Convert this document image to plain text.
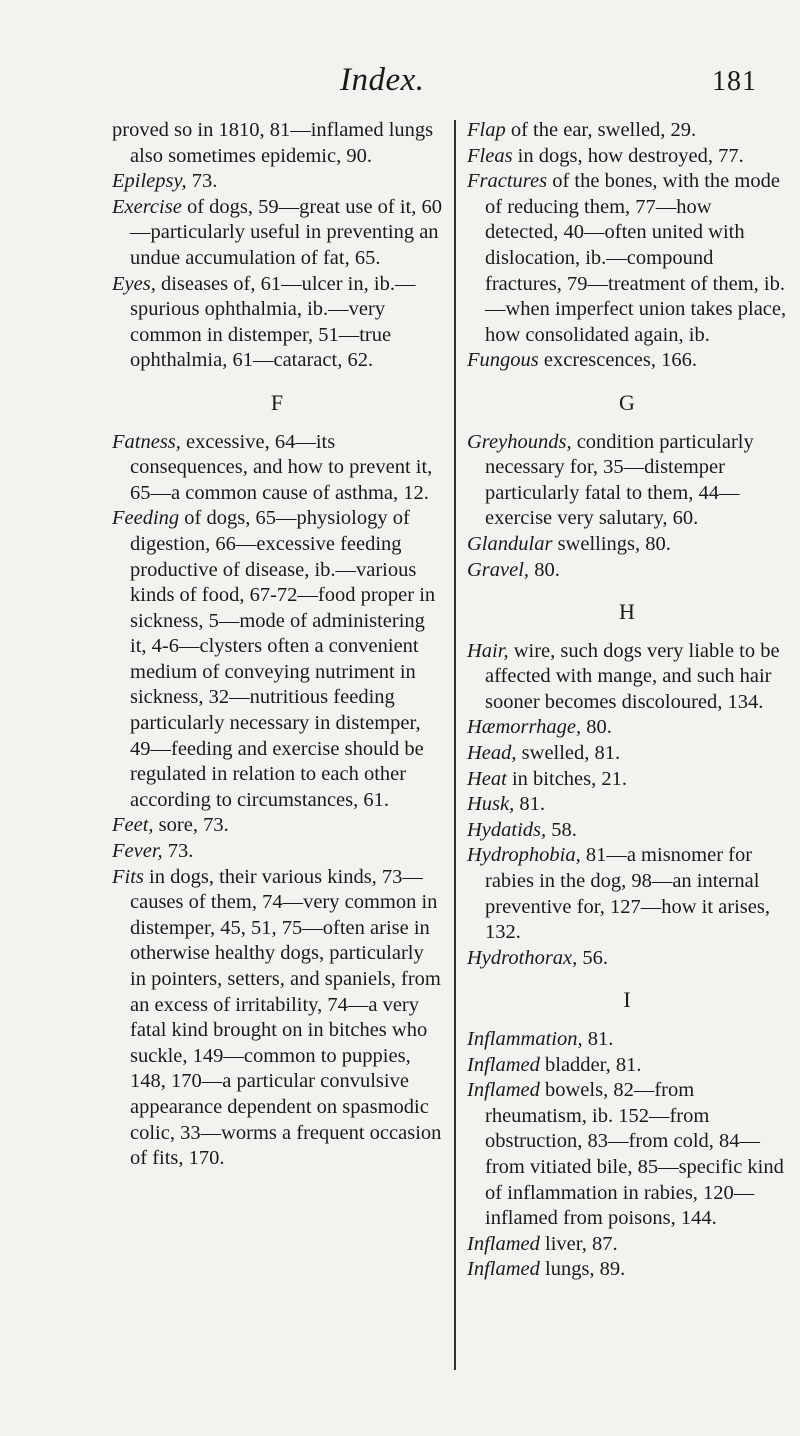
Index.	181

proved so in 1810, 81—inflamed lungs also sometimes epidemic, 90.

Epilepsy, 73.

Exercise of dogs, 59—great use of it, 60—particularly useful in preventing an undue accumulation of fat, 65.

Eyes, diseases of, 61—ulcer in, ib.—spurious ophthalmia, ib.—very common in distemper, 51—true ophthalmia, 61—cataract, 62.

F

Fatness, excessive, 64—its consequences, and how to prevent it, 65—a common cause of asthma, 12.

Feeding of dogs, 65—physiology of digestion, 66—excessive feeding productive of disease, ib.—various kinds of food, 67-72—food proper in sickness, 5—mode of administering it, 4-6—clysters often a convenient medium of conveying nutriment in sickness, 32—nutritious feeding particularly necessary in distemper, 49—feeding and exercise should be regulated in relation to each other according to circumstances, 61.

Feet, sore, 73.

Fever, 73.

Fits in dogs, their various kinds, 73—causes of them, 74—very common in distemper, 45, 51, 75—often arise in otherwise healthy dogs, particularly in pointers, setters, and spaniels, from an excess of irritability, 74—a very fatal kind brought on in bitches who suckle, 149—common to puppies, 148, 170—a particular convulsive appearance dependent on spasmodic colic, 33—worms a frequent occasion of fits, 170.

Flap of the ear, swelled, 29.

Fleas in dogs, how destroyed, 77.

Fractures of the bones, with the mode of reducing them, 77—how detected, 40—often united with dislocation, ib.—compound fractures, 79—treatment of them, ib.—when imperfect union takes place, how consolidated again, ib.

Fungous excrescences, 166.

G

Greyhounds, condition particularly necessary for, 35—distemper particularly fatal to them, 44—exercise very salutary, 60.

Glandular swellings, 80.

Gravel, 80.

H

Hair, wire, such dogs very liable to be affected with mange, and such hair sooner becomes discoloured, 134.

Hæmorrhage, 80.

Head, swelled, 81.

Heat in bitches, 21.

Husk, 81.

Hydatids, 58.

Hydrophobia, 81—a misnomer for rabies in the dog, 98—an internal preventive for, 127—how it arises, 132.

Hydrothorax, 56.

I

Inflammation, 81.

Inflamed bladder, 81.

Inflamed bowels, 82—from rheumatism, ib. 152—from obstruction, 83—from cold, 84—from vitiated bile, 85—specific kind of inflammation in rabies, 120—inflamed from poisons, 144.

Inflamed liver, 87.

Inflamed lungs, 89.
